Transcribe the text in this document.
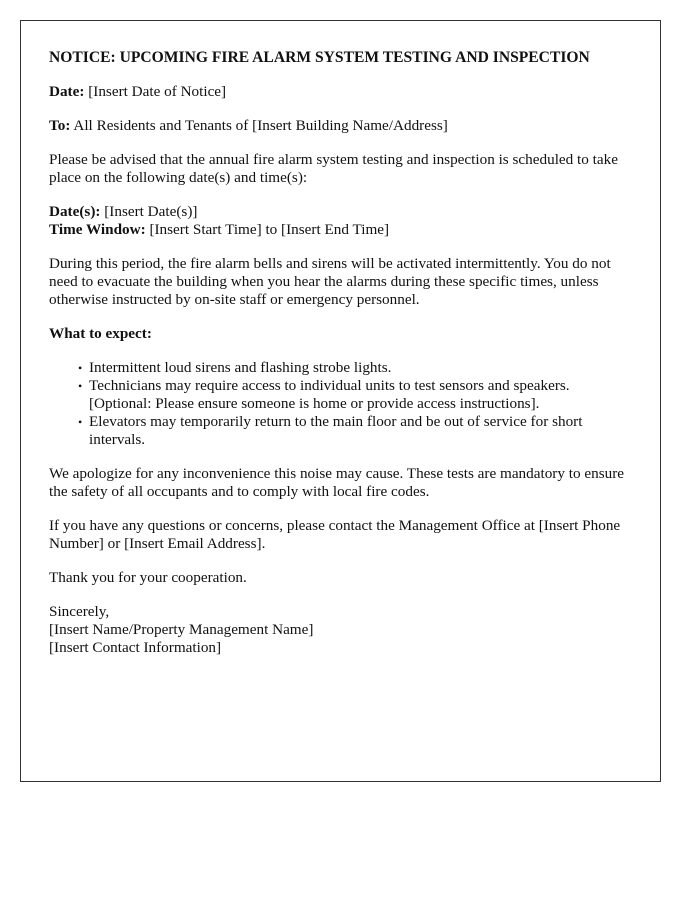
NOTICE: UPCOMING FIRE ALARM SYSTEM TESTING AND INSPECTION

Date: [Insert Date of Notice]

To: All Residents and Tenants of [Insert Building Name/Address]

Please be advised that the annual fire alarm system testing and inspection is scheduled to take place on the following date(s) and time(s):

Date(s): [Insert Date(s)]
Time Window: [Insert Start Time] to [Insert End Time]

During this period, the fire alarm bells and sirens will be activated intermittently. You do not need to evacuate the building when you hear the alarms during these specific times, unless otherwise instructed by on-site staff or emergency personnel.

What to expect:

• Intermittent loud sirens and flashing strobe lights.
• Technicians may require access to individual units to test sensors and speakers. [Optional: Please ensure someone is home or provide access instructions].
• Elevators may temporarily return to the main floor and be out of service for short intervals.

We apologize for any inconvenience this noise may cause. These tests are mandatory to ensure the safety of all occupants and to comply with local fire codes.

If you have any questions or concerns, please contact the Management Office at [Insert Phone Number] or [Insert Email Address].

Thank you for your cooperation.

Sincerely,
[Insert Name/Property Management Name]
[Insert Contact Information]
